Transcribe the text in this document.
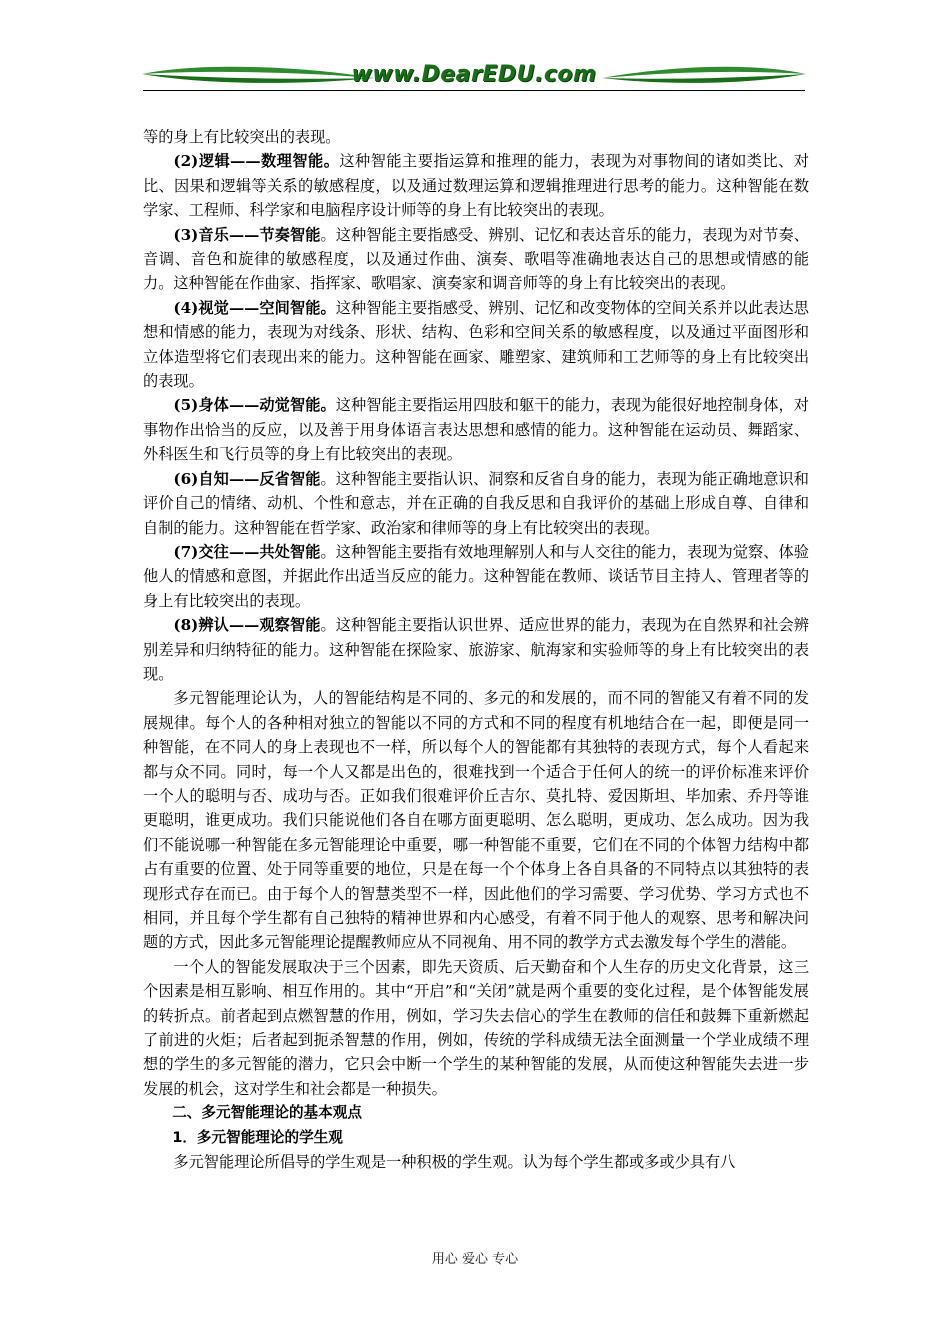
www.DearEDU.com

等的身上有比较突出的表现。

(2)逻辑——数理智能。这种智能主要指运算和推理的能力，表现为对事物间的诸如类比、对比、因果和逻辑等关系的敏感程度，以及通过数理运算和逻辑推理进行思考的能力。这种智能在数学家、工程师、科学家和电脑程序设计师等的身上有比较突出的表现。

(3)音乐——节奏智能。这种智能主要指感受、辨别、记忆和表达音乐的能力，表现为对节奏、音调、音色和旋律的敏感程度，以及通过作曲、演奏、歌唱等准确地表达自己的思想或情感的能力。这种智能在作曲家、指挥家、歌唱家、演奏家和调音师等的身上有比较突出的表现。

(4)视觉——空间智能。这种智能主要指感受、辨别、记忆和改变物体的空间关系并以此表达思想和情感的能力，表现为对线条、形状、结构、色彩和空间关系的敏感程度，以及通过平面图形和立体造型将它们表现出来的能力。这种智能在画家、雕塑家、建筑师和工艺师等的身上有比较突出的表现。

(5)身体——动觉智能。这种智能主要指运用四肢和躯干的能力，表现为能很好地控制身体，对事物作出恰当的反应，以及善于用身体语言表达思想和感情的能力。这种智能在运动员、舞蹈家、外科医生和飞行员等的身上有比较突出的表现。

(6)自知——反省智能。这种智能主要指认识、洞察和反省自身的能力，表现为能正确地意识和评价自己的情绪、动机、个性和意志，并在正确的自我反思和自我评价的基础上形成自尊、自律和自制的能力。这种智能在哲学家、政治家和律师等的身上有比较突出的表现。

(7)交往——共处智能。这种智能主要指有效地理解别人和与人交往的能力，表现为觉察、体验他人的情感和意图，并据此作出适当反应的能力。这种智能在教师、谈话节目主持人、管理者等的身上有比较突出的表现。

(8)辨认——观察智能。这种智能主要指认识世界、适应世界的能力，表现为在自然界和社会辨别差异和归纳特征的能力。这种智能在探险家、旅游家、航海家和实验师等的身上有比较突出的表现。

多元智能理论认为，人的智能结构是不同的、多元的和发展的，而不同的智能又有着不同的发展规律。每个人的各种相对独立的智能以不同的方式和不同的程度有机地结合在一起，即便是同一种智能，在不同人的身上表现也不一样，所以每个人的智能都有其独特的表现方式，每个人看起来都与众不同。同时，每一个人又都是出色的，很难找到一个适合于任何人的统一的评价标准来评价一个人的聪明与否、成功与否。正如我们很难评价丘吉尔、莫扎特、爱因斯坦、毕加索、乔丹等谁更聪明，谁更成功。我们只能说他们各自在哪方面更聪明、怎么聪明，更成功、怎么成功。因为我们不能说哪一种智能在多元智能理论中重要，哪一种智能不重要，它们在不同的个体智力结构中都占有重要的位置、处于同等重要的地位，只是在每一个个体身上各自具备的不同特点以其独特的表现形式存在而已。由于每个人的智慧类型不一样，因此他们的学习需要、学习优势、学习方式也不相同，并且每个学生都有自己独特的精神世界和内心感受，有着不同于他人的观察、思考和解决问题的方式，因此多元智能理论提醒教师应从不同视角、用不同的教学方式去激发每个学生的潜能。

一个人的智能发展取决于三个因素，即先天资质、后天勤奋和个人生存的历史文化背景，这三个因素是相互影响、相互作用的。其中“开启”和“关闭”就是两个重要的变化过程，是个体智能发展的转折点。前者起到点燃智慧的作用，例如，学习失去信心的学生在教师的信任和鼓舞下重新燃起了前进的火炬；后者起到扼杀智慧的作用，例如，传统的学科成绩无法全面测量一个学业成绩不理想的学生的多元智能的潜力，它只会中断一个学生的某种智能的发展，从而使这种智能失去进一步发展的机会，这对学生和社会都是一种损失。

二、多元智能理论的基本观点

1．多元智能理论的学生观

多元智能理论所倡导的学生观是一种积极的学生观。认为每个学生都或多或少具有八

用心 爱心 专心
